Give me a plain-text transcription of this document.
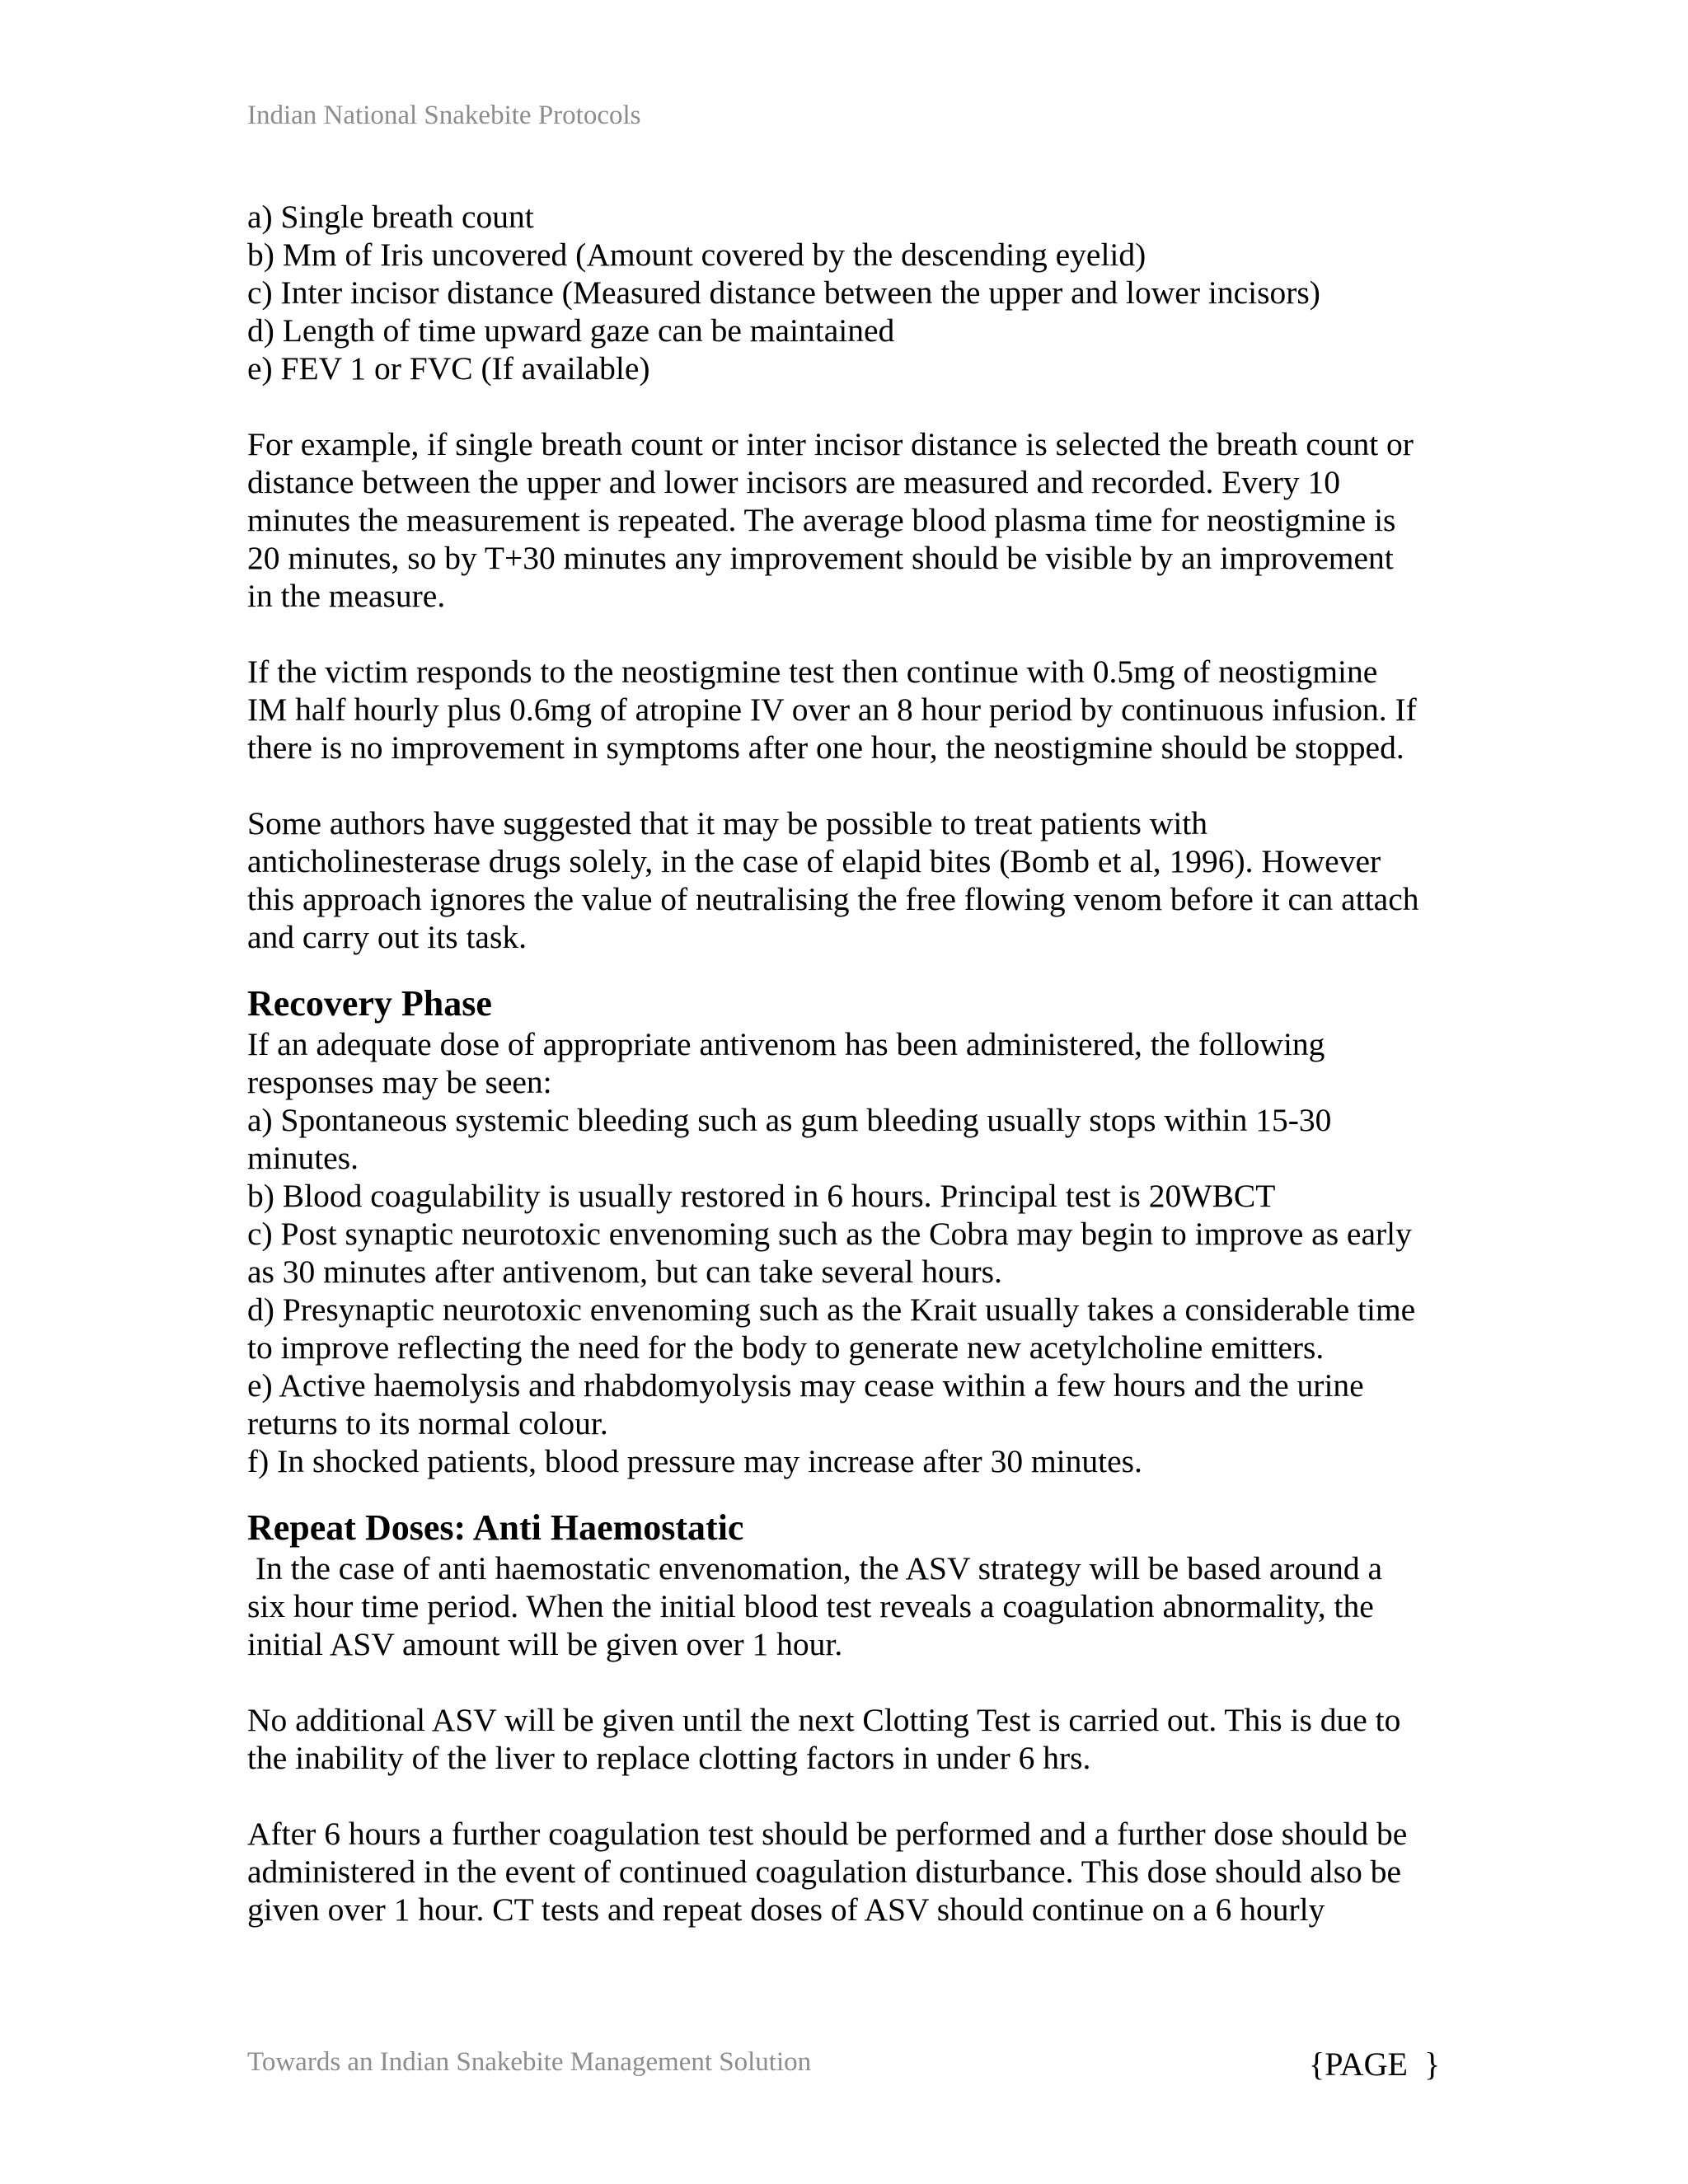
Indian National Snakebite Protocols
a) Single breath count
b) Mm of Iris uncovered (Amount covered by the descending eyelid)
c) Inter incisor distance (Measured distance between the upper and lower incisors)
d) Length of time upward gaze can be maintained
e) FEV 1 or FVC (If available)
For example, if single breath count or inter incisor distance is selected the breath count or
distance between the upper and lower incisors are measured and recorded. Every 10
minutes the measurement is repeated. The average blood plasma time for neostigmine is
20 minutes, so by T+30 minutes any improvement should be visible by an improvement
in the measure.
If the victim responds to the neostigmine test then continue with 0.5mg of neostigmine
IM half hourly plus 0.6mg of atropine IV over an 8 hour period by continuous infusion. If
there is no improvement in symptoms after one hour, the neostigmine should be stopped.
Some authors have suggested that it may be possible to treat patients with
anticholinesterase drugs solely, in the case of elapid bites (Bomb et al, 1996). However
this approach ignores the value of neutralising the free flowing venom before it can attach
and carry out its task.
Recovery Phase
If an adequate dose of appropriate antivenom has been administered, the following
responses may be seen:
a) Spontaneous systemic bleeding such as gum bleeding usually stops within 15-30
minutes.
b) Blood coagulability is usually restored in 6 hours. Principal test is 20WBCT
c) Post synaptic neurotoxic envenoming such as the Cobra may begin to improve as early
as 30 minutes after antivenom, but can take several hours.
d) Presynaptic neurotoxic envenoming such as the Krait usually takes a considerable time
to improve reflecting the need for the body to generate new acetylcholine emitters.
e) Active haemolysis and rhabdomyolysis may cease within a few hours and the urine
returns to its normal colour.
f) In shocked patients, blood pressure may increase after 30 minutes.
Repeat Doses: Anti Haemostatic
In the case of anti haemostatic envenomation, the ASV strategy will be based around a
six hour time period. When the initial blood test reveals a coagulation abnormality, the
initial ASV amount will be given over 1 hour.
No additional ASV will be given until the next Clotting Test is carried out. This is due to
the inability of the liver to replace clotting factors in under 6 hrs.
After 6 hours a further coagulation test should be performed and a further dose should be
administered in the event of continued coagulation disturbance. This dose should also be
given over 1 hour. CT tests and repeat doses of ASV should continue on a 6 hourly
Towards an Indian Snakebite Management Solution	{PAGE  }
